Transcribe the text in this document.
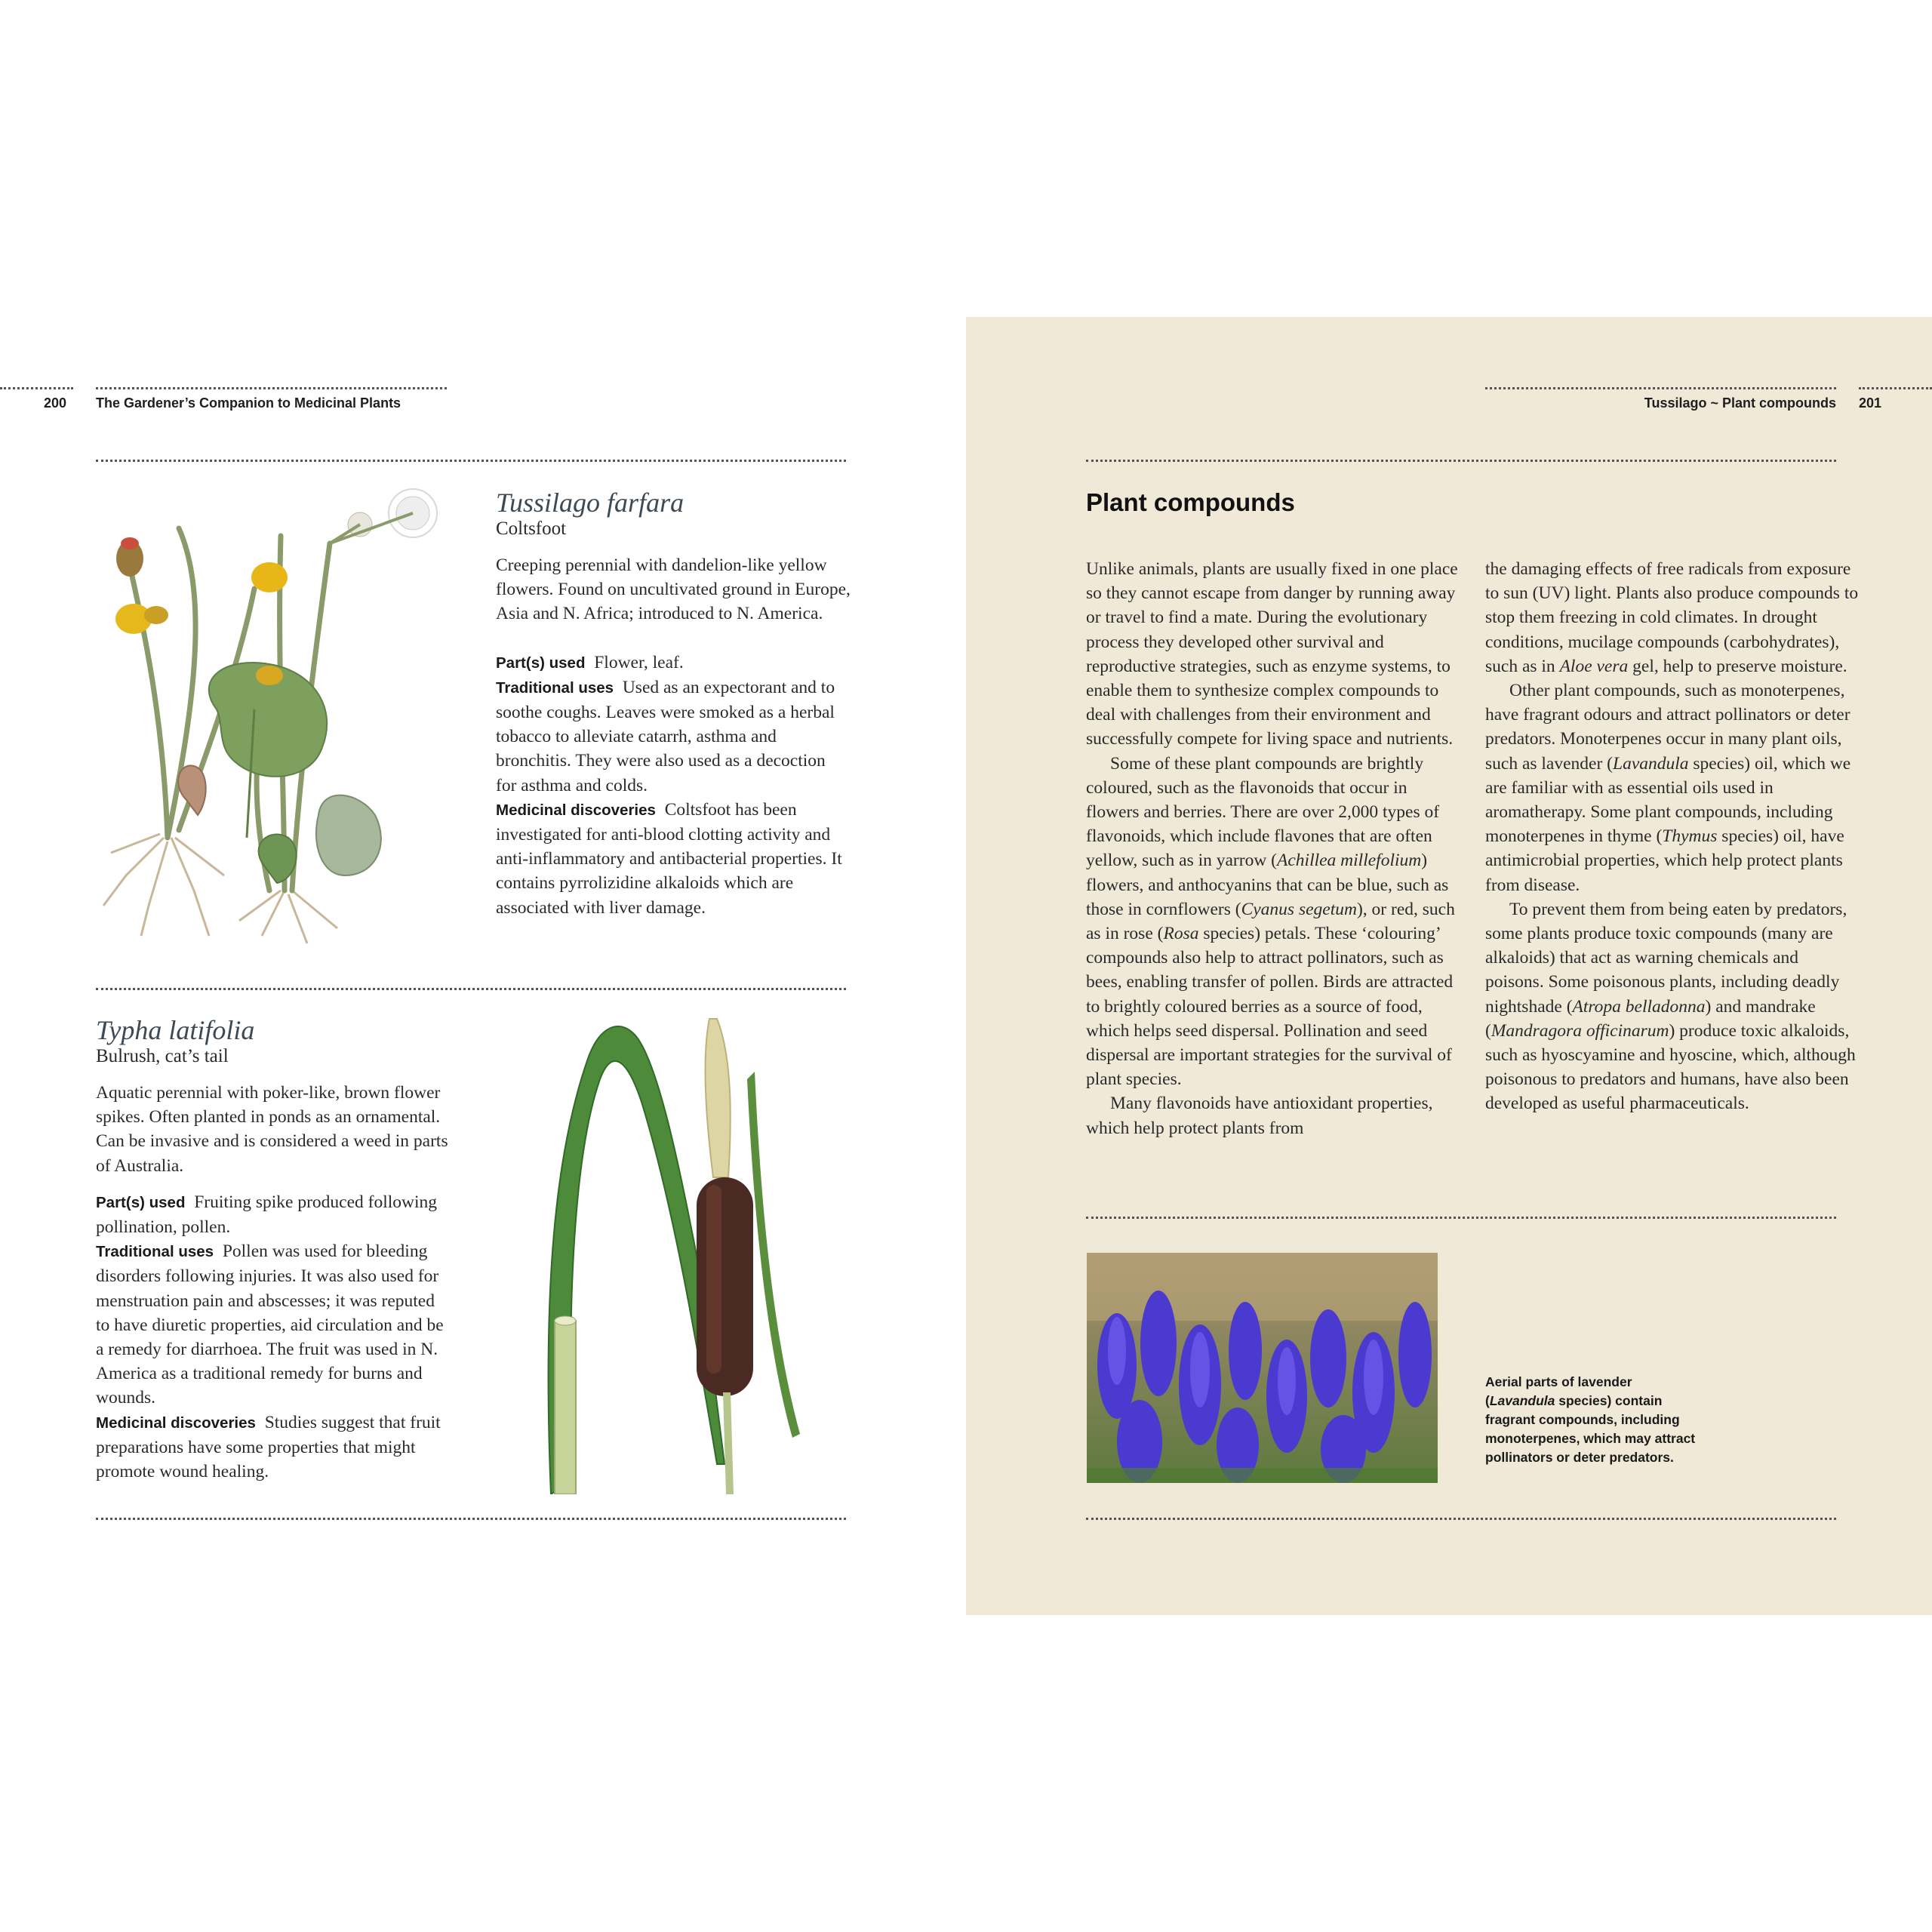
200 The Gardener’s Companion to Medicinal Plants
Tussilago farfara
Coltsfoot

Creeping perennial with dandelion-like yellow flowers. Found on uncultivated ground in Europe, Asia and N. Africa; introduced to N. America.

Part(s) used Flower, leaf.

Traditional uses Used as an expectorant and to soothe coughs. Leaves were smoked as a herbal tobacco to alleviate catarrh, asthma and bronchitis. They were also used as a decoction for asthma and colds.

Medicinal discoveries Coltsfoot has been investigated for anti-blood clotting activity and anti-inflammatory and antibacterial properties. It contains pyrrolizidine alkaloids which are associated with liver damage.

Typha latifolia
Bulrush, cat’s tail

Aquatic perennial with poker-like, brown flower spikes. Often planted in ponds as an ornamental. Can be invasive and is considered a weed in parts of Australia.

Part(s) used Fruiting spike produced following pollination, pollen.

Traditional uses Pollen was used for bleeding disorders following injuries. It was also used for menstruation pain and abscesses; it was reputed to have diuretic properties, aid circulation and be a remedy for diarrhoea. The fruit was used in N. America as a traditional remedy for burns and wounds.

Medicinal discoveries Studies suggest that fruit preparations have some properties that might promote wound healing.

Tussilago ~ Plant compounds 201
Plant compounds

Unlike animals, plants are usually fixed in one place so they cannot escape from danger by running away or travel to find a mate. During the evolutionary process they developed other survival and reproductive strategies, such as enzyme systems, to enable them to synthesize complex compounds to deal with challenges from their environment and successfully compete for living space and nutrients.

Some of these plant compounds are brightly coloured, such as the flavonoids that occur in flowers and berries. There are over 2,000 types of flavonoids, which include flavones that are often yellow, such as in yarrow (Achillea millefolium) flowers, and anthocyanins that can be blue, such as those in cornflowers (Cyanus segetum), or red, such as in rose (Rosa species) petals. These ‘colouring’ compounds also help to attract pollinators, such as bees, enabling transfer of pollen. Birds are attracted to brightly coloured berries as a source of food, which helps seed dispersal. Pollination and seed dispersal are important strategies for the survival of plant species.

Many flavonoids have antioxidant properties, which help protect plants from

the damaging effects of free radicals from exposure to sun (UV) light. Plants also produce compounds to stop them freezing in cold climates. In drought conditions, mucilage compounds (carbohydrates), such as in Aloe vera gel, help to preserve moisture.

Other plant compounds, such as monoterpenes, have fragrant odours and attract pollinators or deter predators. Monoterpenes occur in many plant oils, such as lavender (Lavandula species) oil, which we are familiar with as essential oils used in aromatherapy. Some plant compounds, including monoterpenes in thyme (Thymus species) oil, have antimicrobial properties, which help protect plants from disease.

To prevent them from being eaten by predators, some plants produce toxic compounds (many are alkaloids) that act as warning chemicals and poisons. Some poisonous plants, including deadly nightshade (Atropa belladonna) and mandrake (Mandragora officinarum) produce toxic alkaloids, such as hyoscyamine and hyoscine, which, although poisonous to predators and humans, have also been developed as useful pharmaceuticals.

Aerial parts of lavender (Lavandula species) contain fragrant compounds, including monoterpenes, which may attract pollinators or deter predators.
